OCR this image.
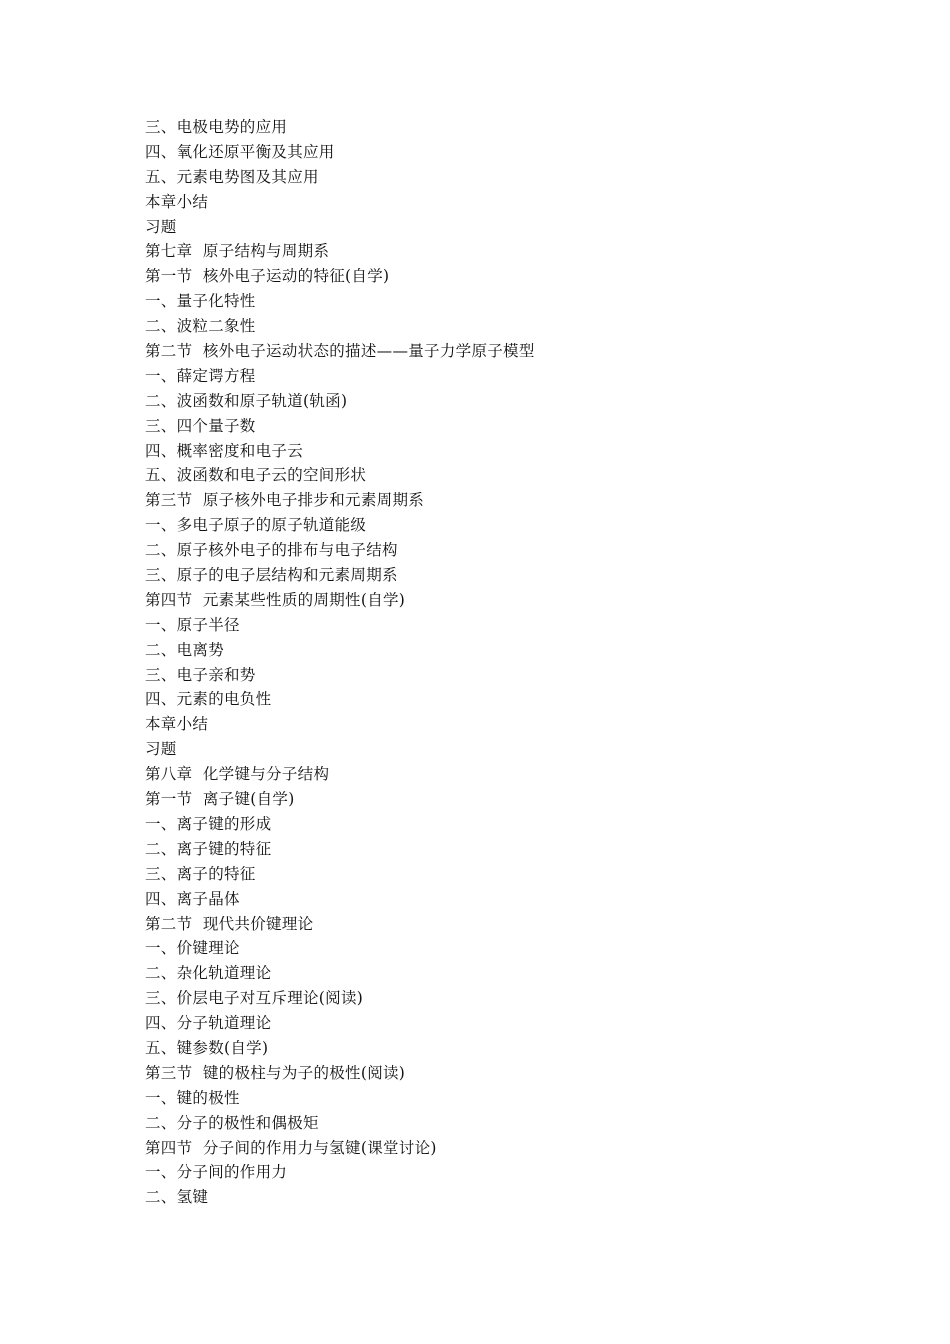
三、电极电势的应用
四、氧化还原平衡及其应用
五、元素电势图及其应用
本章小结
习题
第七章  原子结构与周期系
第一节  核外电子运动的特征(自学)
一、量子化特性
二、波粒二象性
第二节  核外电子运动状态的描述——量子力学原子模型
一、薛定谔方程
二、波函数和原子轨道(轨函)
三、四个量子数
四、概率密度和电子云
五、波函数和电子云的空间形状
第三节  原子核外电子排步和元素周期系
一、多电子原子的原子轨道能级
二、原子核外电子的排布与电子结构
三、原子的电子层结构和元素周期系
第四节  元素某些性质的周期性(自学)
一、原子半径
二、电离势
三、电子亲和势
四、元素的电负性
本章小结
习题
第八章  化学键与分子结构
第一节  离子键(自学)
一、离子键的形成
二、离子键的特征
三、离子的特征
四、离子晶体
第二节  现代共价键理论
一、价键理论
二、杂化轨道理论
三、价层电子对互斥理论(阅读)
四、分子轨道理论
五、键参数(自学)
第三节  键的极柱与为子的极性(阅读)
一、键的极性
二、分子的极性和偶极矩
第四节  分子间的作用力与氢键(课堂讨论)
一、分子间的作用力
二、氢键
